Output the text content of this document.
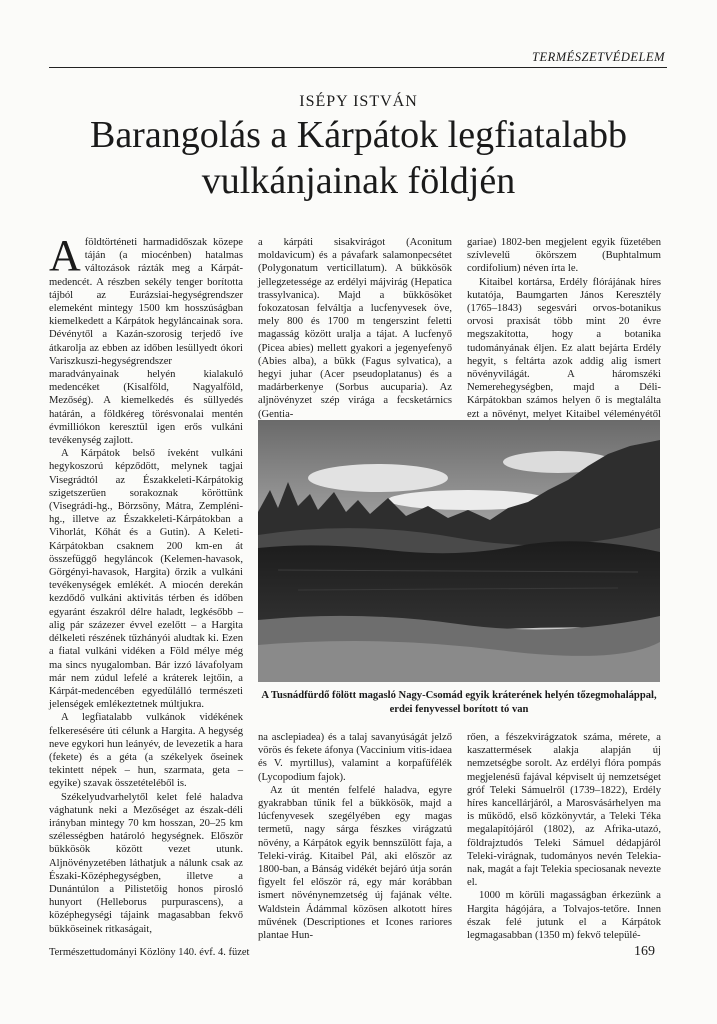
TERMÉSZETVÉDELEM
ISÉPY ISTVÁN
Barangolás a Kárpátok legfiatalabb
vulkánjainak földjén

Aföldtörténeti harmadidőszak közepe táján (a miocénben) hatalmas változások rázták meg a Kárpát-medencét. A részben sekély tenger borította tájból az Eurázsiai-hegységrendszer elemeként mintegy 1500 km hosszúságban kiemelkedett a Kárpátok hegyláncainak sora. Dévénytől a Kazán-szorosig terjedő íve átkarolja az ebben az időben lesüllyedt ókori Variszkuszi-hegységrendszer maradványainak helyén kialakuló medencéket (Kisalföld, Nagyalföld, Mezőség). A kiemelkedés és süllyedés határán, a földkéreg törésvonalai mentén évmilliókon keresztül igen erős vulkáni tevékenység zajlott.

A Kárpátok belső íveként vulkáni hegykoszorú képződött, melynek tagjai Visegrádtól az Északkeleti-Kárpátokig szigetszerűen sorakoznak köröttünk (Visegrádi-hg., Börzsöny, Mátra, Zempléni-hg., illetve az Északkeleti-Kárpátokban a Vihorlát, Kőhát és a Gutin). A Keleti-Kárpátokban csaknem 200 km-en át összefüggő hegyláncok (Kelemen-havasok, Görgényi-havasok, Hargita) őrzik a vulkáni tevékenységek emlékét. A miocén derekán kezdődő vulkáni aktivitás térben és időben egyaránt északról délre haladt, legkésőbb – alig pár százezer évvel ezelőtt – a Hargita délkeleti részének tűzhányói aludtak ki. Ezen a fiatal vulkáni vidéken a Föld mélye még ma sincs nyugalomban. Bár izzó lávafolyam már nem zúdul lefelé a kráterek lejtőin, a Kárpát-medencében egyedülálló természeti jelenségek emlékeztetnek múltjukra.

A legfiatalabb vulkánok vidékének felkeresésére úti célunk a Hargita. A hegység neve egykori hun leányév, de levezetik a hara (fekete) és a géta (a székelyek őseinek tekintett népek – hun, szarmata, geta – egyike) szavak összetételéből is.

Székelyudvarhelytől kelet felé haladva vághatunk neki a Mezőséget az észak-déli irányban mintegy 70 km hosszan, 20–25 km szélességben határoló hegységnek. Először bükkösök között vezet utunk. Aljnövényzetében láthatjuk a nálunk csak az Északi-Középhegységben, illetve a Dunántúlon a Pilistetőig honos pirosló hunyort (Helleborus purpurascens), a középhegységi tájaink magasabban fekvő bükköseinek ritkaságait,

a kárpáti sisakvirágot (Aconitum moldavicum) és a pávafark salamonpecsétet (Polygonatum verticillatum). A bükkösök jellegzetessége az erdélyi májvirág (Hepatica trassylvanica). Majd a bükkösöket fokozatosan felváltja a lucfenyvesek öve, mely 800 és 1700 m tengerszint feletti magasság között uralja a tájat. A lucfenyő (Picea abies) mellett gyakori a jegenyefenyő (Abies alba), a bükk (Fagus sylvatica), a hegyi juhar (Acer pseudoplatanus) és a madárberkenye (Sorbus aucuparia). Az aljnövényzet szép virága a fecsketárnics (Gentia-

gariae) 1802-ben megjelent egyik fűzetében szívlevelű ökörszem (Buphtalmum cordifolium) néven írta le.

Kitaibel kortársa, Erdély flórájának híres kutatója, Baumgarten János Keresztély (1765–1843) segesvári orvos-botanikus orvosi praxisát több mint 20 évre megszakította, hogy a botanika tudományának éljen. Ez alatt bejárta Erdély hegyit, s feltárta azok addig alig ismert növényvilágát. A háromszéki Nemerehegységben, majd a Déli-Kárpátokban számos helyen ő is megtalálta ezt a növényt, melyet Kitaibel véleményétől

A Tusnádfürdő fölött magasló Nagy-Csomád egyik kráterének helyén tőzegmohaláppal, erdei fenyvessel borított tó van

na asclepiadea) és a talaj savanyúságát jelző vörös és fekete áfonya (Vaccinium vitis-idaea és V. myrtillus), valamint a korpafűfélék (Lycopodium fajok).

Az út mentén felfelé haladva, egyre gyakrabban tűnik fel a bükkösök, majd a lúcfenyvesek szegélyében egy magas termetű, nagy sárga fészkes virágzatú növény, a Kárpátok egyik bennszülött faja, a Teleki-virág. Kitaibel Pál, aki először az 1800-ban, a Bánság vidékét bejáró útja során figyelt fel először rá, egy már korábban ismert növénynemzetség új fajának vélte. Waldstein Ádámmal közösen alkotott híres művének (Descriptiones et Icones rariores plantae Hun-

rően, a fészekvirágzatok száma, mérete, a kaszattermések alakja alapján új nemzetségbe sorolt. Az erdélyi flóra pompás megjelenésű fajával képviselt új nemzetséget gróf Teleki Sámuelről (1739–1822), Erdély híres kancellárjáról, a Marosvásárhelyen ma is működő, első közkönyvtár, a Teleki Téka megalapítójáról (1802), az Afrika-utazó, földrajztudós Teleki Sámuel dédapjáról Teleki-virágnak, tudományos nevén Telekia-nak, magát a fajt Telekia speciosanak nevezte el.

1000 m körüli magasságban érkezünk a Hargita hágójára, a Tolvajos-tetőre. Innen észak felé jutunk el a Kárpátok legmagasabban (1350 m) fekvő települé-

Természettudományi Közlöny 140. évf. 4. füzet	169
